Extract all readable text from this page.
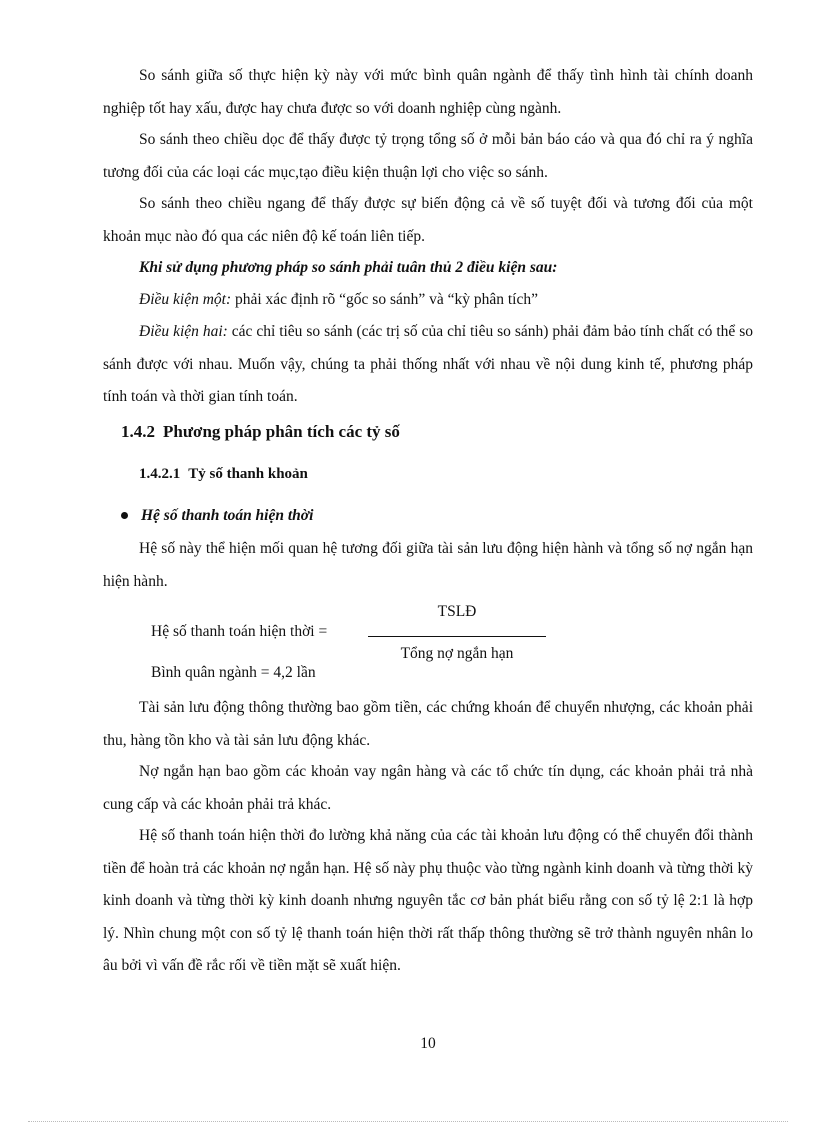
So sánh giữa số thực hiện kỳ này với mức bình quân ngành để thấy tình hình tài chính doanh nghiệp tốt hay xấu, được hay chưa được so với doanh nghiệp cùng ngành.

So sánh theo chiều dọc để thấy được tỷ trọng tổng số ở mỗi bản báo cáo và qua đó chỉ ra ý nghĩa tương đối của các loại các mục,tạo điều kiện thuận lợi cho việc so sánh.

So sánh theo chiều ngang để thấy được sự biến động cả về số tuyệt đối và tương đối của một khoản mục nào đó qua các niên độ kế toán liên tiếp.

Khi sử dụng phương pháp so sánh phải tuân thủ 2 điều kiện sau:

Điều kiện một: phải xác định rõ “gốc so sánh” và “kỳ phân tích”

Điều kiện hai: các chỉ tiêu so sánh (các trị số của chỉ tiêu so sánh) phải đảm bảo tính chất có thể so sánh được với nhau. Muốn vậy, chúng ta phải thống nhất với nhau về nội dung kinh tế, phương pháp tính toán và thời gian tính toán.

1.4.2 Phương pháp phân tích các tỷ số
1.4.2.1 Tỷ số thanh khoản

Hệ số thanh toán hiện thời

Hệ số này thể hiện mối quan hệ tương đối giữa tài sản lưu động hiện hành và tổng số nợ ngắn hạn hiện hành.

Hệ số thanh toán hiện thời =
TSLĐ
Tổng nợ ngắn hạn
Bình quân ngành = 4,2 lần

Tài sản lưu động thông thường bao gồm tiền, các chứng khoán để chuyển nhượng, các khoản phải thu, hàng tồn kho và tài sản lưu động khác.

Nợ ngắn hạn bao gồm các khoản vay ngân hàng và các tổ chức tín dụng, các khoản phải trả nhà cung cấp và các khoản phải trả khác.

Hệ số thanh toán hiện thời đo lường khả năng của các tài khoản lưu động có thể chuyển đổi thành tiền để hoàn trả các khoản nợ ngắn hạn. Hệ số này phụ thuộc vào từng ngành kinh doanh và từng thời kỳ kinh doanh và từng thời kỳ kinh doanh nhưng nguyên tắc cơ bản phát biểu rằng con số tỷ lệ 2:1 là hợp lý. Nhìn chung một con số tỷ lệ thanh toán hiện thời rất thấp thông thường sẽ trở thành nguyên nhân lo âu bởi vì vấn đề rắc rối về tiền mặt sẽ xuất hiện.

10
